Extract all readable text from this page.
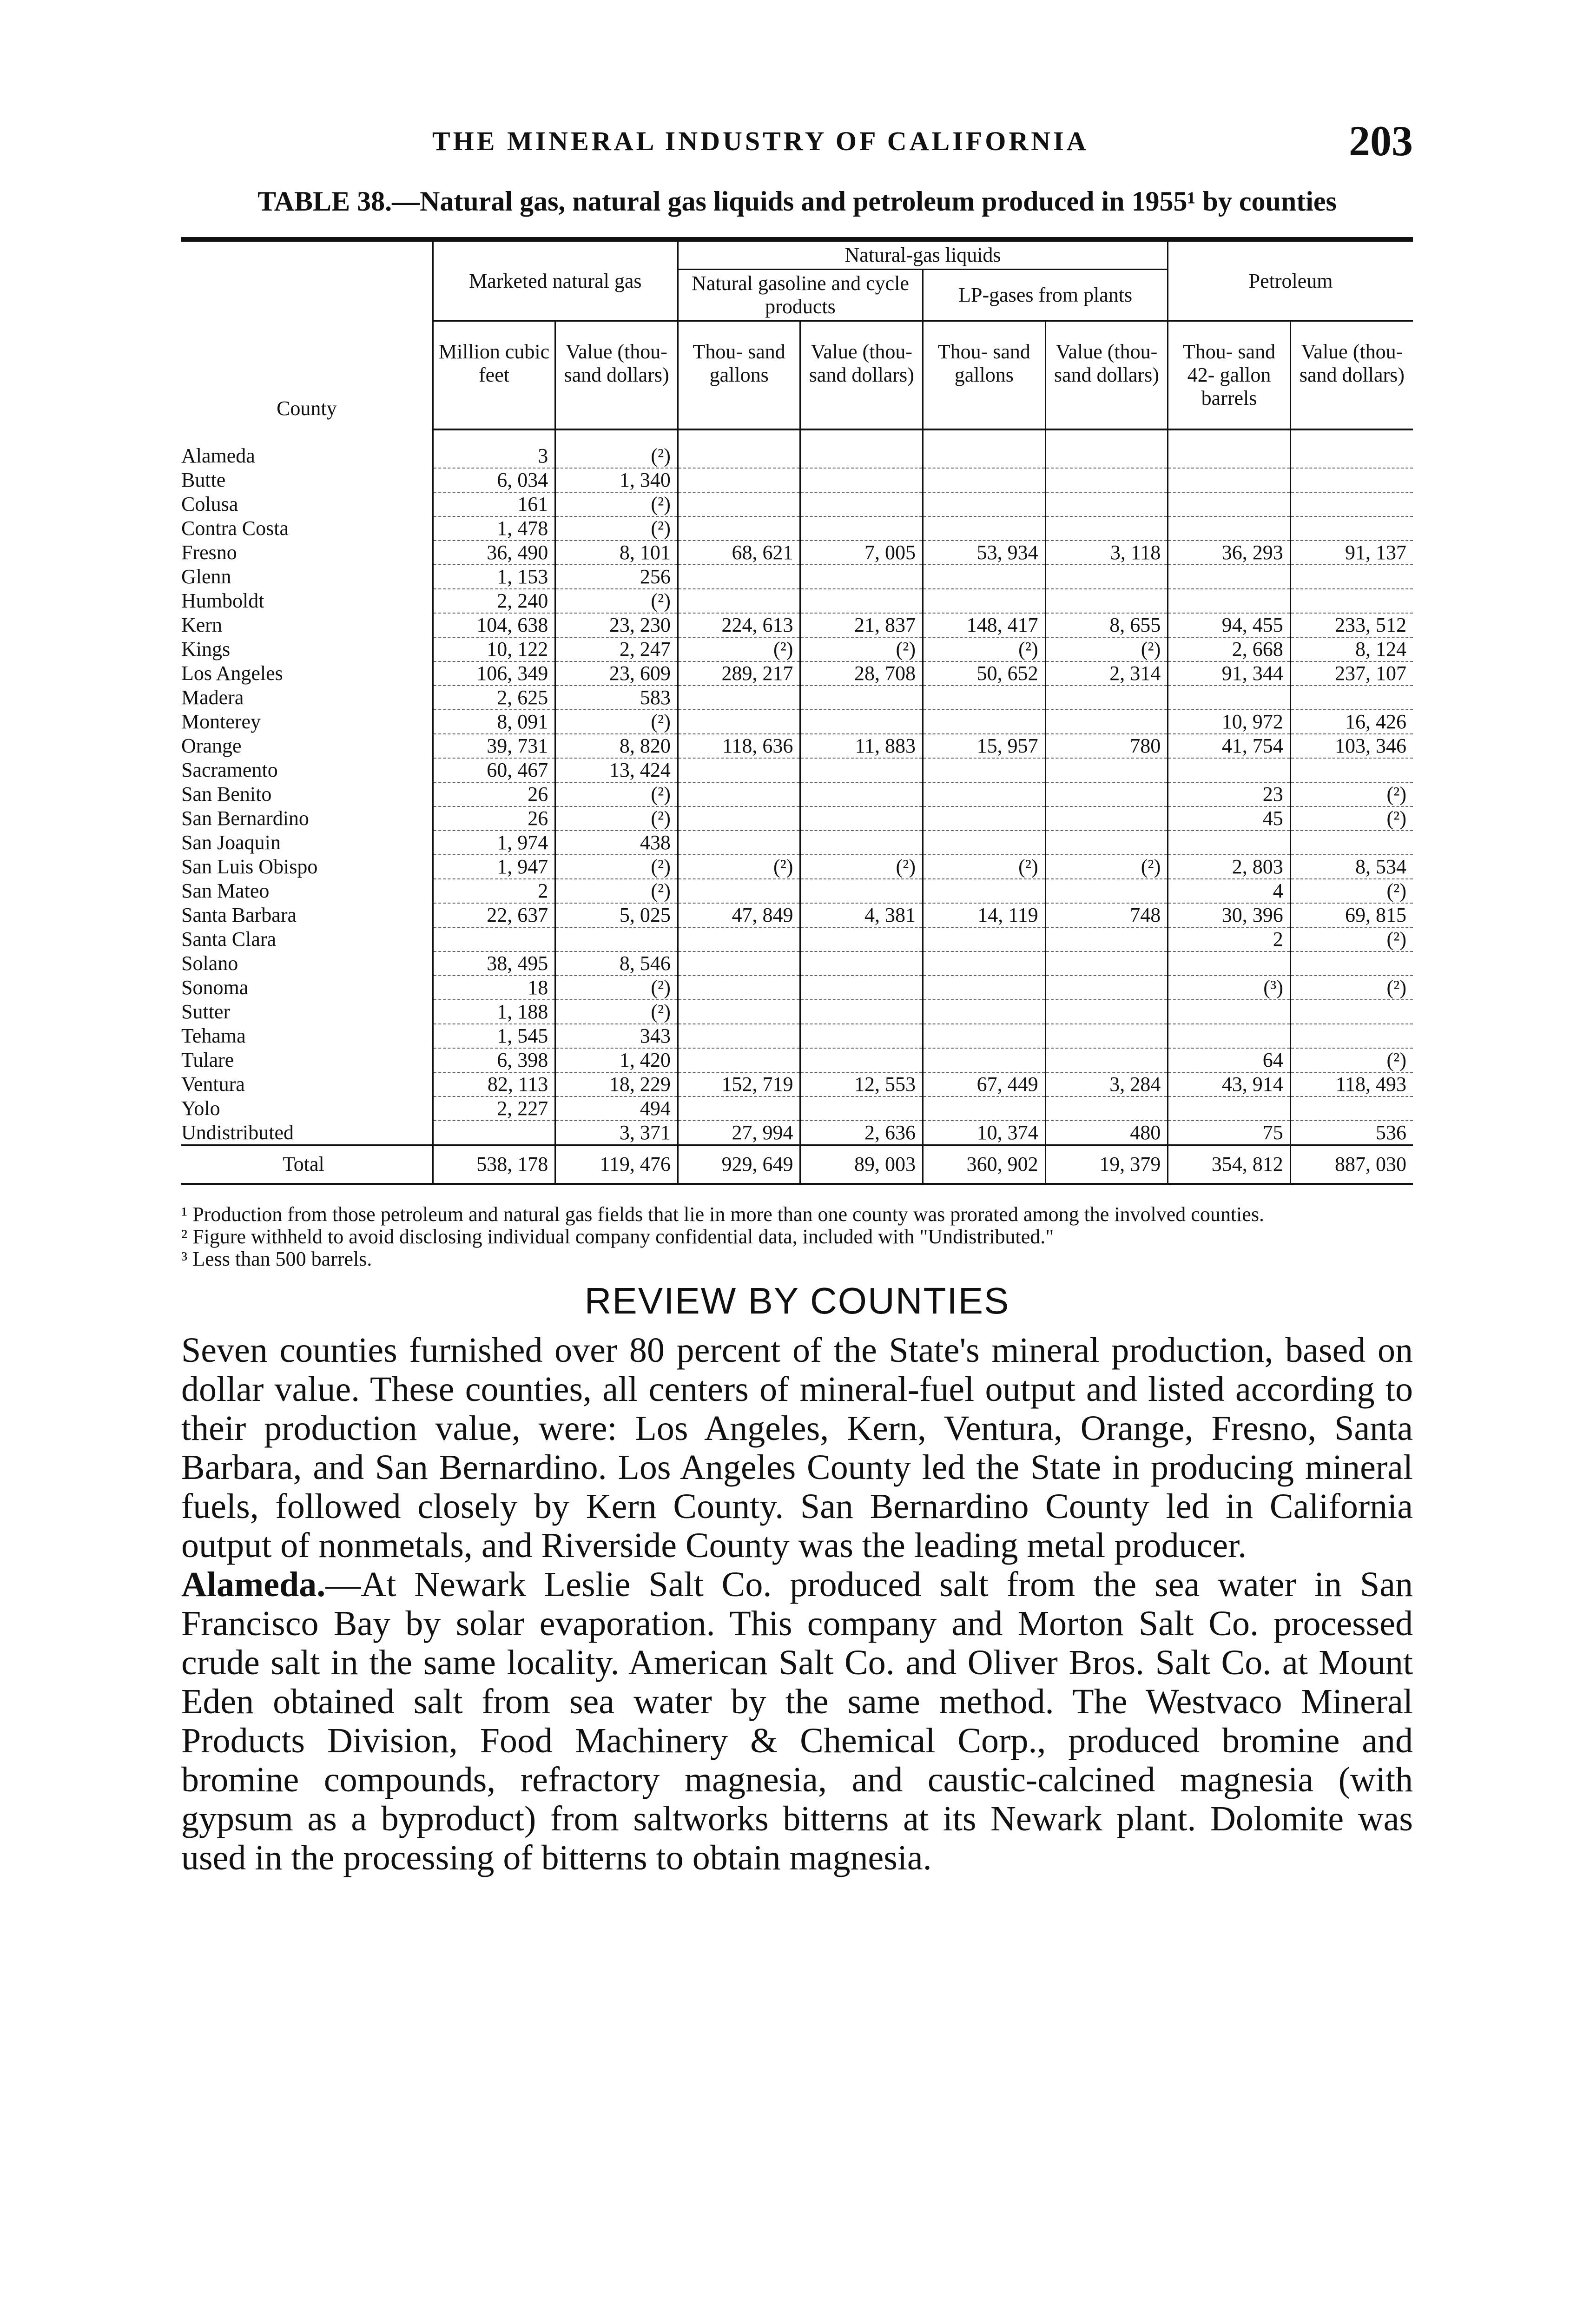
THE MINERAL INDUSTRY OF CALIFORNIA	203
TABLE 38.—Natural gas, natural gas liquids and petroleum produced in 1955¹ by counties
County	Marketed natural gas		Natural-gas liquids				Petroleum	
			Natural gasoline and cycle products		LP-gases from plants			
	Million cubic feet	Value (thou- sand dollars)	Thou- sand gallons	Value (thou- sand dollars)	Thou- sand gallons	Value (thou- sand dollars)	Thou- sand 42- gallon barrels	Value (thou- sand dollars)
Alameda	3	(²)						
Butte	6, 034	1, 340						
Colusa	161	(²)						
Contra Costa	1, 478	(²)						
Fresno	36, 490	8, 101	68, 621	7, 005	53, 934	3, 118	36, 293	91, 137
Glenn	1, 153	256						
Humboldt	2, 240	(²)						
Kern	104, 638	23, 230	224, 613	21, 837	148, 417	8, 655	94, 455	233, 512
Kings	10, 122	2, 247	(²)	(²)	(²)	(²)	2, 668	8, 124
Los Angeles	106, 349	23, 609	289, 217	28, 708	50, 652	2, 314	91, 344	237, 107
Madera	2, 625	583						
Monterey	8, 091	(²)					10, 972	16, 426
Orange	39, 731	8, 820	118, 636	11, 883	15, 957	780	41, 754	103, 346
Sacramento	60, 467	13, 424						
San Benito	26	(²)					23	(²)
San Bernardino	26	(²)					45	(²)
San Joaquin	1, 974	438						
San Luis Obispo	1, 947	(²)	(²)	(²)	(²)	(²)	2, 803	8, 534
San Mateo	2	(²)					4	(²)
Santa Barbara	22, 637	5, 025	47, 849	4, 381	14, 119	748	30, 396	69, 815
Santa Clara							2	(²)
Solano	38, 495	8, 546						
Sonoma	18	(²)					(³)	(²)
Sutter	1, 188	(²)						
Tehama	1, 545	343						
Tulare	6, 398	1, 420					64	(²)
Ventura	82, 113	18, 229	152, 719	12, 553	67, 449	3, 284	43, 914	118, 493
Yolo	2, 227	494						
Undistributed		3, 371	27, 994	2, 636	10, 374	480	75	536
Total	538, 178	119, 476	929, 649	89, 003	360, 902	19, 379	354, 812	887, 030

¹ Production from those petroleum and natural gas fields that lie in more than one county was prorated among the involved counties.

² Figure withheld to avoid disclosing individual company confidential data, included with "Undistributed."

³ Less than 500 barrels.

REVIEW BY COUNTIES

Seven counties furnished over 80 percent of the State's mineral production, based on dollar value. These counties, all centers of mineral-fuel output and listed according to their production value, were: Los Angeles, Kern, Ventura, Orange, Fresno, Santa Barbara, and San Bernardino. Los Angeles County led the State in producing mineral fuels, followed closely by Kern County. San Bernardino County led in California output of nonmetals, and Riverside County was the leading metal producer.

Alameda.—At Newark Leslie Salt Co. produced salt from the sea water in San Francisco Bay by solar evaporation. This company and Morton Salt Co. processed crude salt in the same locality. American Salt Co. and Oliver Bros. Salt Co. at Mount Eden obtained salt from sea water by the same method. The Westvaco Mineral Products Division, Food Machinery & Chemical Corp., produced bromine and bromine compounds, refractory magnesia, and caustic-calcined magnesia (with gypsum as a byproduct) from saltworks bitterns at its Newark plant. Dolomite was used in the processing of bitterns to obtain magnesia.
